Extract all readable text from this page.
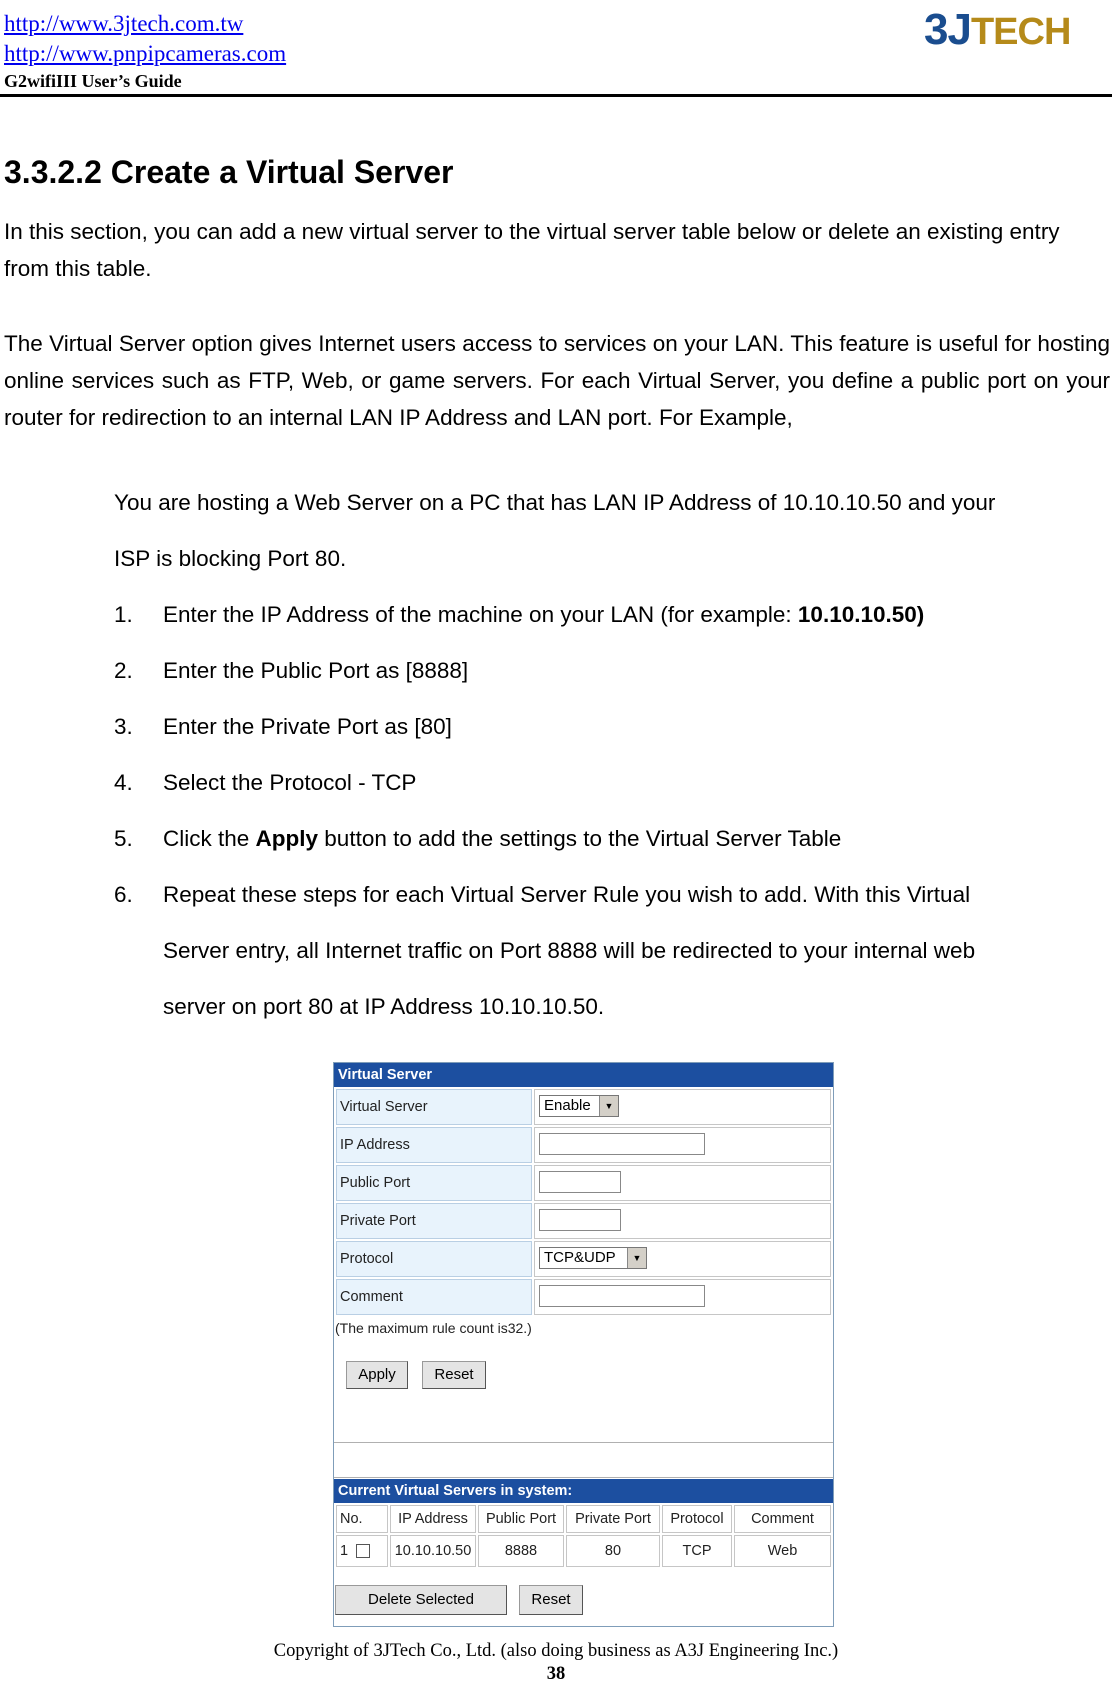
http://www.3jtech.com.tw
http://www.pnpipcameras.com
G2wifiIII User’s Guide
3JTECH
3.3.2.2 Create a Virtual Server

In this section, you can add a new virtual server to the virtual server table below or delete an existing entry from this table.

The Virtual Server option gives Internet users access to services on your LAN. This feature is useful for hosting online services such as FTP, Web, or game servers. For each Virtual Server, you define a public port on your router for redirection to an internal LAN IP Address and LAN port. For Example,

You are hosting a Web Server on a PC that has LAN IP Address of 10.10.10.50 and your
ISP is blocking Port 80.
1. Enter the IP Address of the machine on your LAN (for example: 10.10.10.50)
2. Enter the Public Port as [8888]
3. Enter the Private Port as [80]
4. Select the Protocol - TCP
5. Click the Apply button to add the settings to the Virtual Server Table
6. Repeat these steps for each Virtual Server Rule you wish to add. With this Virtual
Server entry, all Internet traffic on Port 8888 will be redirected to your internal web
server on port 80 at IP Address 10.10.10.50.
Virtual Server
Virtual Server	Enable	▼
IP Address
Public Port
Private Port
Protocol	TCP&UDP	▼
Comment
(The maximum rule count is32.)
Apply	Reset
Current Virtual Servers in system:
No.	IP Address	Public Port	Private Port	Protocol	Comment
1	10.10.10.50	8888	80	TCP	Web
Delete Selected	Reset
Copyright of 3JTech Co., Ltd. (also doing business as A3J Engineering Inc.)
38
